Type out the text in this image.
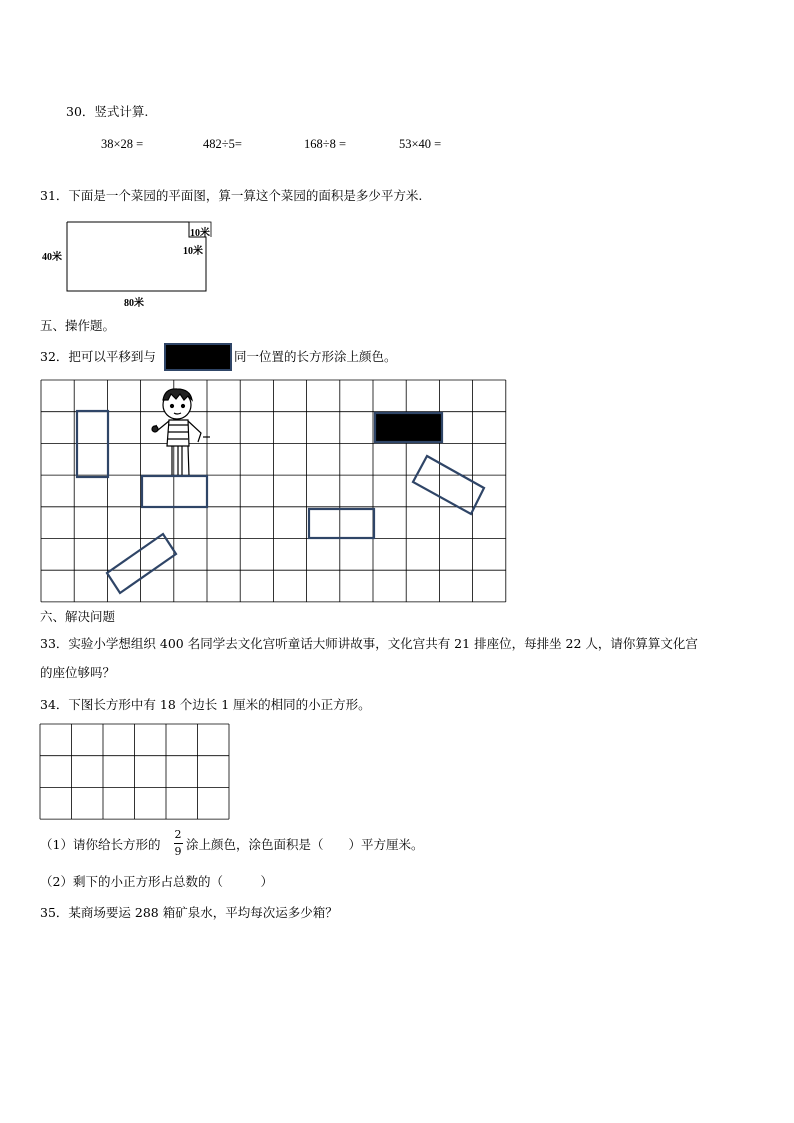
30．竖式计算.
38×28 =	482÷5=	168÷8 =	53×40 =
31．下面是一个菜园的平面图，算一算这个菜园的面积是多少平方米.
40米
80米
10米
10米
五、操作题。
32．把可以平移到与	同一位置的长方形涂上颜色。
六、解决问题
33．实验小学想组织 400 名同学去文化宫听童话大师讲故事，文化宫共有 21 排座位，每排坐 22 人，请你算算文化宫
的座位够吗？
34．下图长方形中有 18 个边长 1 厘米的相同的小正方形。
（1）请你给长方形的
2
9 涂上颜色，涂色面积是（　　）平方厘米。
（2）剩下的小正方形占总数的（　　　）
35．某商场要运 288 箱矿泉水，平均每次运多少箱？
